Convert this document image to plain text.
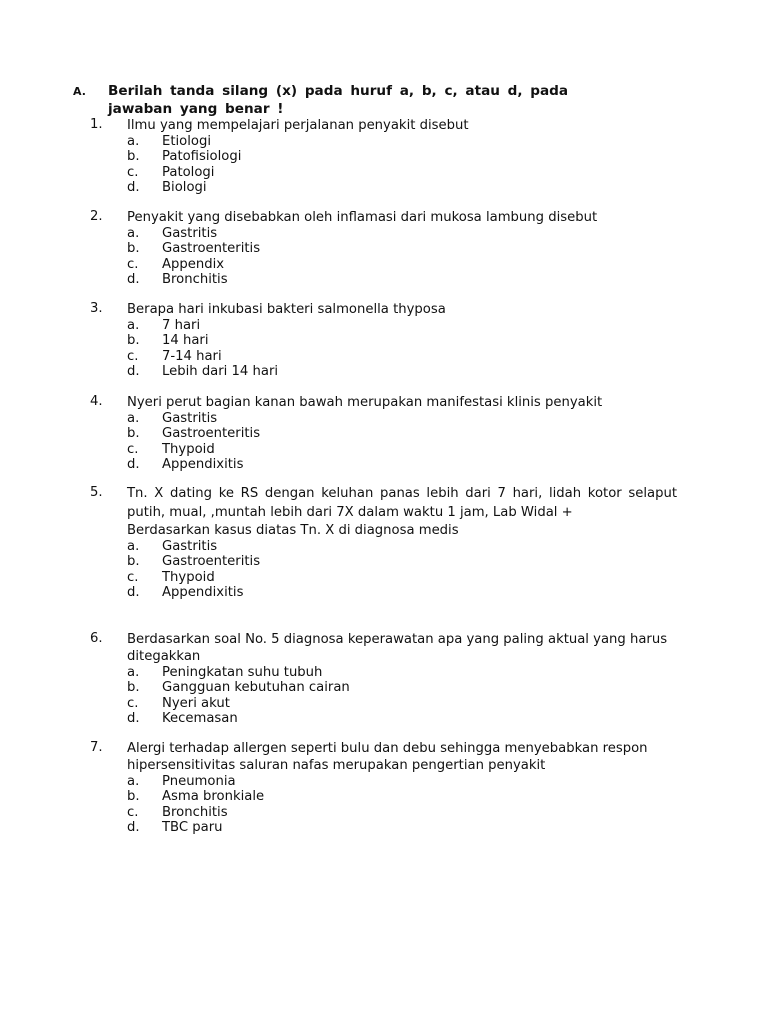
A. Berilah tanda silang (x) pada huruf a, b, c, atau d, pada jawaban yang benar !
1. Ilmu yang mempelajari perjalanan penyakit disebut
a. Etiologi
b. Patofisiologi
c. Patologi
d. Biologi
2. Penyakit yang disebabkan oleh inflamasi dari mukosa lambung disebut
a. Gastritis
b. Gastroenteritis
c. Appendix
d. Bronchitis
3. Berapa hari inkubasi bakteri salmonella thyposa
a. 7 hari
b. 14 hari
c. 7-14 hari
d. Lebih dari 14 hari
4. Nyeri perut bagian kanan bawah merupakan manifestasi klinis penyakit
a. Gastritis
b. Gastroenteritis
c. Thypoid
d. Appendixitis
5. Tn. X dating ke RS dengan keluhan panas lebih dari 7 hari, lidah kotor selaput putih, mual, ,muntah lebih dari 7X dalam waktu 1 jam, Lab Widal +
Berdasarkan kasus diatas Tn. X di diagnosa medis
a. Gastritis
b. Gastroenteritis
c. Thypoid
d. Appendixitis
6. Berdasarkan soal No. 5 diagnosa keperawatan apa yang paling aktual yang harus ditegakkan
a. Peningkatan suhu tubuh
b. Gangguan kebutuhan cairan
c. Nyeri akut
d. Kecemasan
7. Alergi terhadap allergen seperti bulu dan debu sehingga menyebabkan respon hipersensitivitas saluran nafas merupakan pengertian penyakit
a. Pneumonia
b. Asma bronkiale
c. Bronchitis
d. TBC paru
